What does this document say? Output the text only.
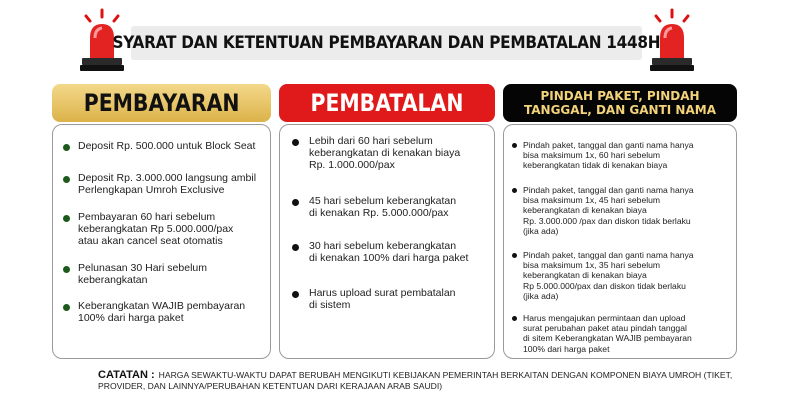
SYARAT DAN KETENTUAN PEMBAYARAN DAN PEMBATALAN 1448H
PEMBAYARAN
Deposit Rp. 500.000 untuk Block Seat
Deposit Rp. 3.000.000 langsung ambil
Perlengkapan Umroh Exclusive
Pembayaran 60 hari sebelum
keberangkatan Rp 5.000.000/pax
atau akan cancel seat otomatis
Pelunasan 30 Hari sebelum
keberangkatan
Keberangkatan WAJIB pembayaran
100% dari harga paket
PEMBATALAN
Lebih dari 60 hari sebelum
keberangkatan di kenakan biaya
Rp. 1.000.000/pax
45 hari sebelum keberangkatan
di kenakan Rp. 5.000.000/pax
30 hari sebelum keberangkatan
di kenakan 100% dari harga paket
Harus upload surat pembatalan
di sistem
PINDAH PAKET, PINDAH TANGGAL, DAN GANTI NAMA
Pindah paket, tanggal dan ganti nama hanya
bisa maksimum 1x, 60 hari sebelum
keberangkatan tidak di kenakan biaya
Pindah paket, tanggal dan ganti nama hanya
bisa maksimum 1x, 45 hari sebelum
keberangkatan di kenakan biaya
Rp. 3.000.000 /pax dan diskon tidak berlaku
(jika ada)
Pindah paket, tanggal dan ganti nama hanya
bisa maksimum 1x, 35 hari sebelum
keberangkatan di kenakan biaya
Rp 5.000.000/pax dan diskon tidak berlaku
(jika ada)
Harus mengajukan permintaan dan upload
surat perubahan paket atau pindah tanggal
di sitem Keberangkatan WAJIB pembayaran
100% dari harga paket
CATATAN : HARGA SEWAKTU-WAKTU DAPAT BERUBAH MENGIKUTI KEBIJAKAN PEMERINTAH BERKAITAN DENGAN KOMPONEN BIAYA UMROH (TIKET, PROVIDER, DAN LAINNYA/PERUBAHAN KETENTUAN DARI KERAJAAN ARAB SAUDI)
